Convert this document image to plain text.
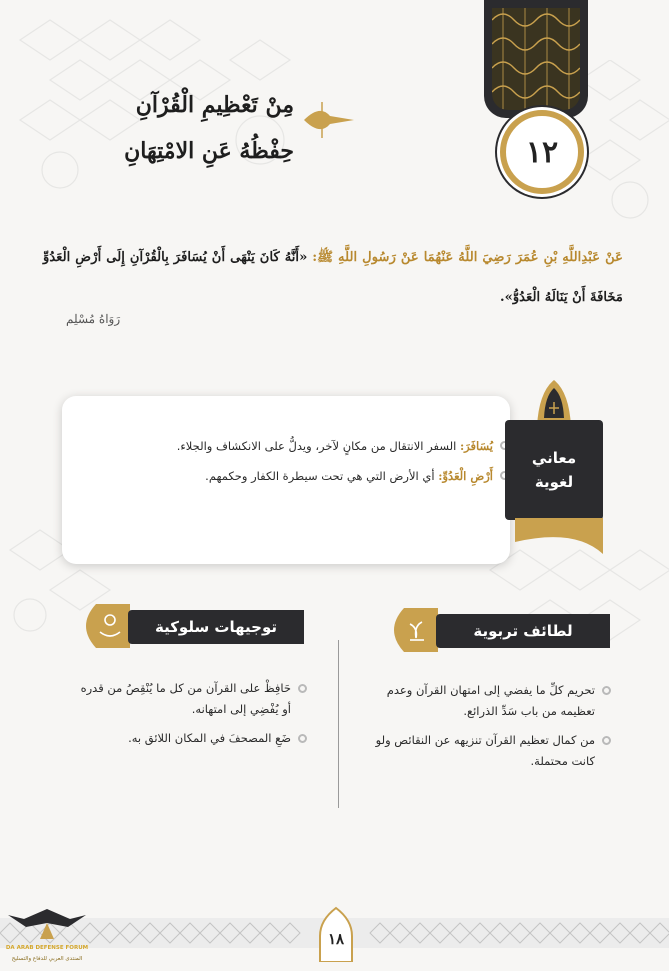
١٢
مِنْ تَعْظِيمِ الْقُرْآنِ
حِفْظُهُ عَنِ الامْتِهَانِ
عَنْ عَبْدِاللَّهِ بْنِ عُمَرَ رَضِيَ اللَّهُ عَنْهُمَا عَنْ رَسُولِ اللَّهِ ﷺ: «أَنَّهُ كَانَ يَنْهَى أَنْ يُسَافَرَ بِالْقُرْآنِ إِلَى أَرْضِ الْعَدُوِّ مَخَافَةَ أَنْ يَنَالَهُ الْعَدُوُّ».
رَوَاهُ مُسْلِم
يُسَافَرَ: السفر الانتقال من مكانٍ لآخر، ويدلُّ على الانكشاف والجلاء.
أَرْضِ الْعَدُوِّ: أي الأرض التي هي تحت سيطرة الكفار وحكمهم.
معاني
لغوية
لطائف تربوية
توجيهات سلوكية
تحريم كلِّ ما يفضي إلى امتهان القرآن وعدم تعظيمه من باب سَدِّ الذرائع.
من كمال تعظيم القرآن تنزيهه عن النقائص ولو كانت محتملة.
حَافِظْ على القرآن من كل ما يُنْقِصُ من قدره أو يُفْضِي إلى امتهانه.
ضَعِ المصحفَ في المكان اللائق به.
١٨
DA ARAB DEFENSE FORUM
المنتدى العربي للدفاع والتسليح
